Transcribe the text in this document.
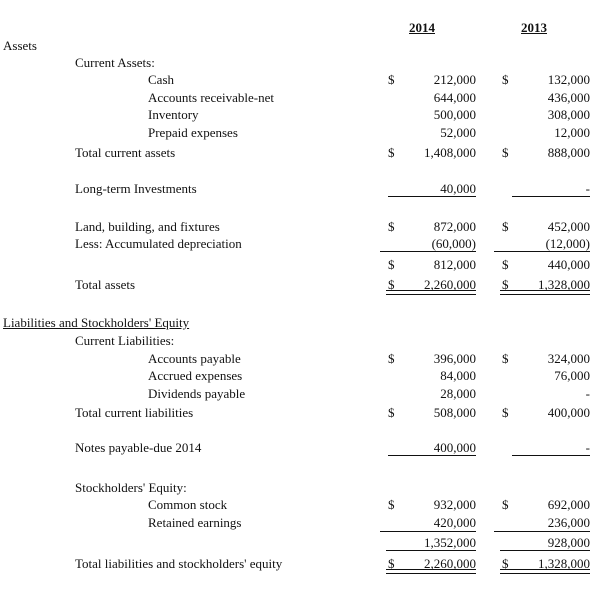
2014	2013
Assets
Current Assets:
Cash	$	212,000 $	132,000
Accounts receivable-net	644,000	436,000
Inventory	500,000	308,000
Prepaid expenses	52,000	12,000
Total current assets	$	1,408,000 $	888,000
Long-term Investments	40,000	-
Land, building, and fixtures	$	872,000 $	452,000
Less: Accumulated depreciation	(60,000)	(12,000)
$	812,000 $	440,000
Total assets	$	2,260,000 $	1,328,000
Liabilities and Stockholders' Equity
Current Liabilities:
Accounts payable	$	396,000 $	324,000
Accrued expenses	84,000	76,000
Dividends payable	28,000	-
Total current liabilities	$	508,000 $	400,000
Notes payable-due 2014	400,000	-
Stockholders' Equity:
Common stock	$	932,000 $	692,000
Retained earnings	420,000	236,000
1,352,000	928,000
Total liabilities and stockholders' equity	$	2,260,000 $	1,328,000
